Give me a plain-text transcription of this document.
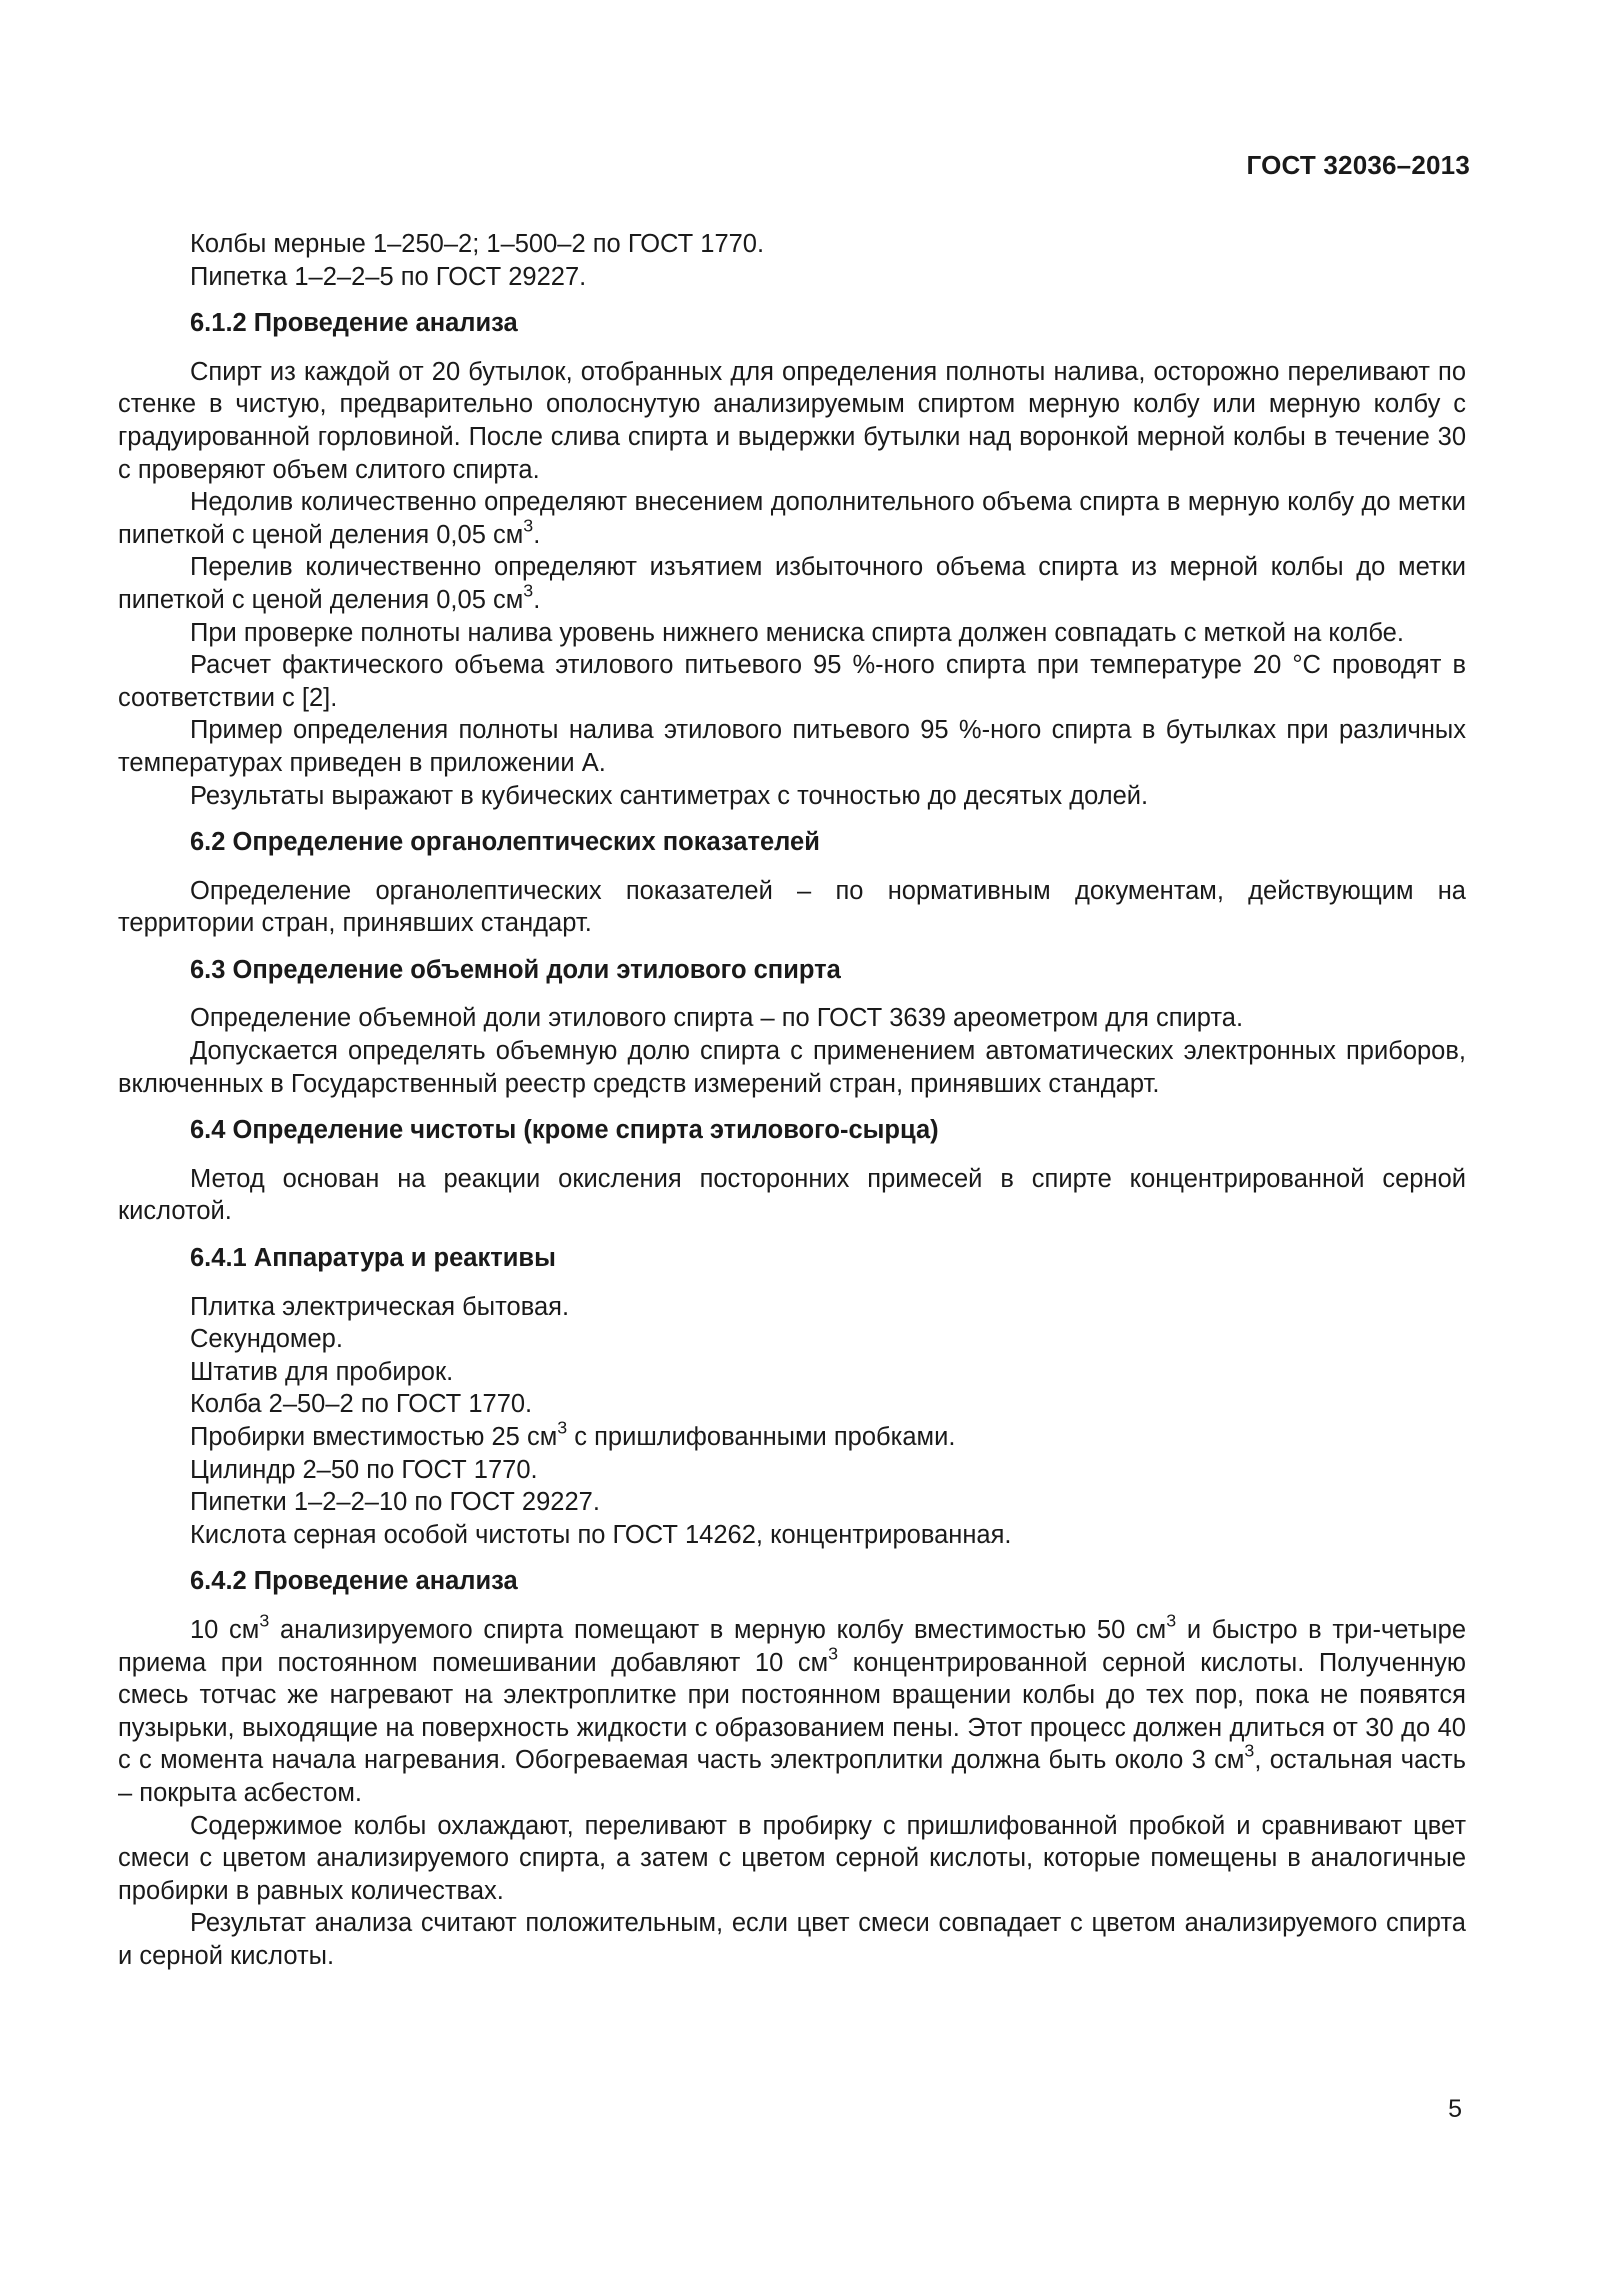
ГОСТ 32036–2013

Колбы мерные 1–250–2; 1–500–2 по ГОСТ 1770.

Пипетка 1–2–2–5 по ГОСТ 29227.

6.1.2 Проведение анализа

Спирт из каждой от 20 бутылок, отобранных для определения полноты налива, осторожно переливают по стенке в чистую, предварительно ополоснутую анализируемым спиртом мерную колбу или мерную колбу с градуированной горловиной. После слива спирта и выдержки бутылки над воронкой мерной колбы в течение 30 с проверяют объем слитого спирта.

Недолив количественно определяют внесением дополнительного объема спирта в мерную колбу до метки пипеткой с ценой деления 0,05 $см^3$.

Перелив количественно определяют изъятием избыточного объема спирта из мерной колбы до метки пипеткой с ценой деления 0,05 $см^3$.

При проверке полноты налива уровень нижнего мениска спирта должен совпадать с меткой на колбе.

Расчет фактического объема этилового питьевого 95 %-ного спирта при температуре 20 °С проводят в соответствии с [2].

Пример определения полноты налива этилового питьевого 95 %-ного спирта в бутылках при различных температурах приведен в приложении А.

Результаты выражают в кубических сантиметрах с точностью до десятых долей.

6.2 Определение органолептических показателей

Определение органолептических показателей – по нормативным документам, действующим на территории стран, принявших стандарт.

6.3 Определение объемной доли этилового спирта

Определение объемной доли этилового спирта – по ГОСТ 3639 ареометром для спирта.

Допускается определять объемную долю спирта с применением автоматических электронных приборов, включенных в Государственный реестр средств измерений стран, принявших стандарт.

6.4 Определение чистоты (кроме спирта этилового-сырца)

Метод основан на реакции окисления посторонних примесей в спирте концентрированной серной кислотой.

6.4.1 Аппаратура и реактивы

Плитка электрическая бытовая.

Секундомер.

Штатив для пробирок.

Колба 2–50–2 по ГОСТ 1770.

Пробирки вместимостью 25 $см^3$ с пришлифованными пробками.

Цилиндр 2–50 по ГОСТ 1770.

Пипетки 1–2–2–10 по ГОСТ 29227.

Кислота серная особой чистоты по ГОСТ 14262, концентрированная.

6.4.2 Проведение анализа

10 $см^3$ анализируемого спирта помещают в мерную колбу вместимостью 50 $см^3$ и быстро в три-четыре приема при постоянном помешивании добавляют 10 $см^3$ концентрированной серной кислоты. Полученную смесь тотчас же нагревают на электроплитке при постоянном вращении колбы до тех пор, пока не появятся пузырьки, выходящие на поверхность жидкости с образованием пены. Этот процесс должен длиться от 30 до 40 с с момента начала нагревания. Обогреваемая часть электроплитки должна быть около 3 $см^3$, остальная часть – покрыта асбестом.

Содержимое колбы охлаждают, переливают в пробирку с пришлифованной пробкой и сравнивают цвет смеси с цветом анализируемого спирта, а затем с цветом серной кислоты, которые помещены в аналогичные пробирки в равных количествах.

Результат анализа считают положительным, если цвет смеси совпадает с цветом анализируемого спирта и серной кислоты.

5
